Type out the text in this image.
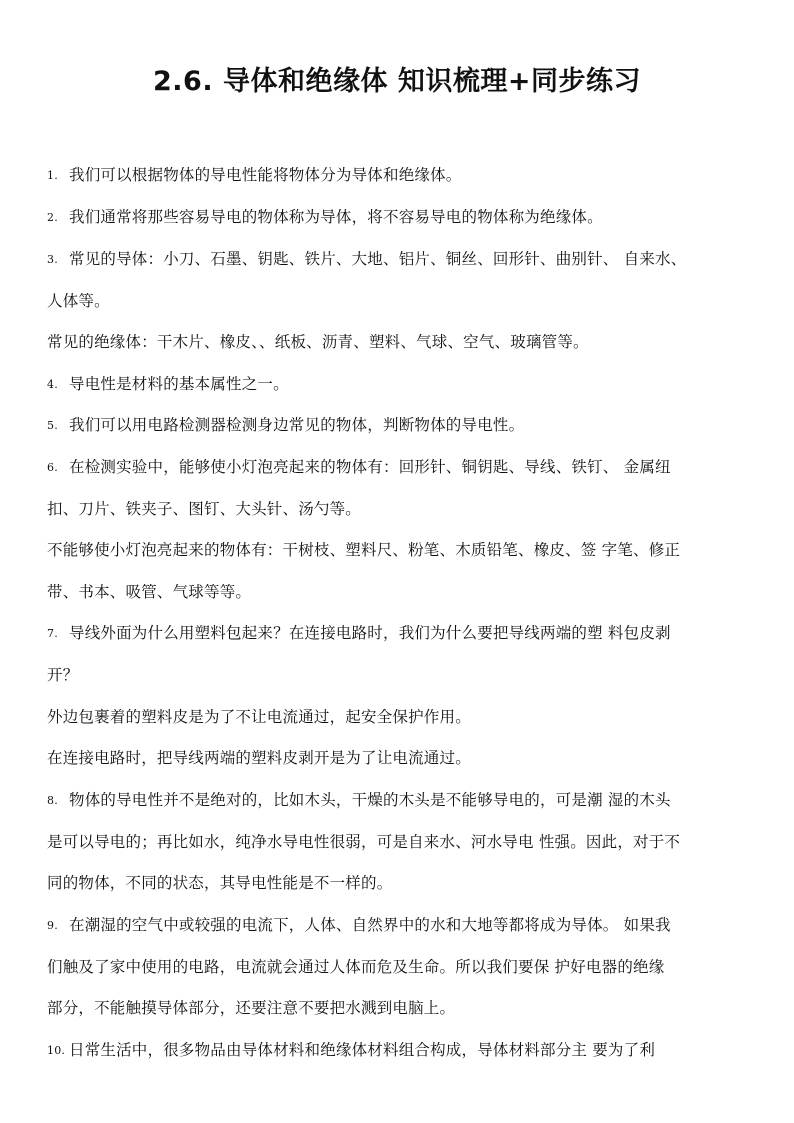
2.6. 导体和绝缘体 知识梳理+同步练习
1. 我们可以根据物体的导电性能将物体分为导体和绝缘体。
2. 我们通常将那些容易导电的物体称为导体，将不容易导电的物体称为绝缘体。
3. 常见的导体：小刀、石墨、钥匙、铁片、大地、铝片、铜丝、回形针、曲别针、 自来水、
人体等。
常见的绝缘体：干木片、橡皮、、纸板、沥青、塑料、气球、空气、玻璃管等。
4. 导电性是材料的基本属性之一。
5. 我们可以用电路检测器检测身边常见的物体，判断物体的导电性。
6. 在检测实验中，能够使小灯泡亮起来的物体有：回形针、铜钥匙、导线、铁钉、 金属纽
扣、刀片、铁夹子、图钉、大头针、汤勺等。
不能够使小灯泡亮起来的物体有：干树枝、塑料尺、粉笔、木质铅笔、橡皮、签 字笔、修正
带、书本、吸管、气球等等。
7. 导线外面为什么用塑料包起来？在连接电路时，我们为什么要把导线两端的塑 料包皮剥
开？
外边包裹着的塑料皮是为了不让电流通过，起安全保护作用。
在连接电路时，把导线两端的塑料皮剥开是为了让电流通过。
8. 物体的导电性并不是绝对的，比如木头，干燥的木头是不能够导电的，可是潮 湿的木头
是可以导电的；再比如水，纯净水导电性很弱，可是自来水、河水导电 性强。因此，对于不
同的物体，不同的状态，其导电性能是不一样的。
9. 在潮湿的空气中或较强的电流下，人体、自然界中的水和大地等都将成为导体。 如果我
们触及了家中使用的电路，电流就会通过人体而危及生命。所以我们要保 护好电器的绝缘
部分，不能触摸导体部分，还要注意不要把水溅到电脑上。
10. 日常生活中，很多物品由导体材料和绝缘体材料组合构成，导体材料部分主 要为了利
